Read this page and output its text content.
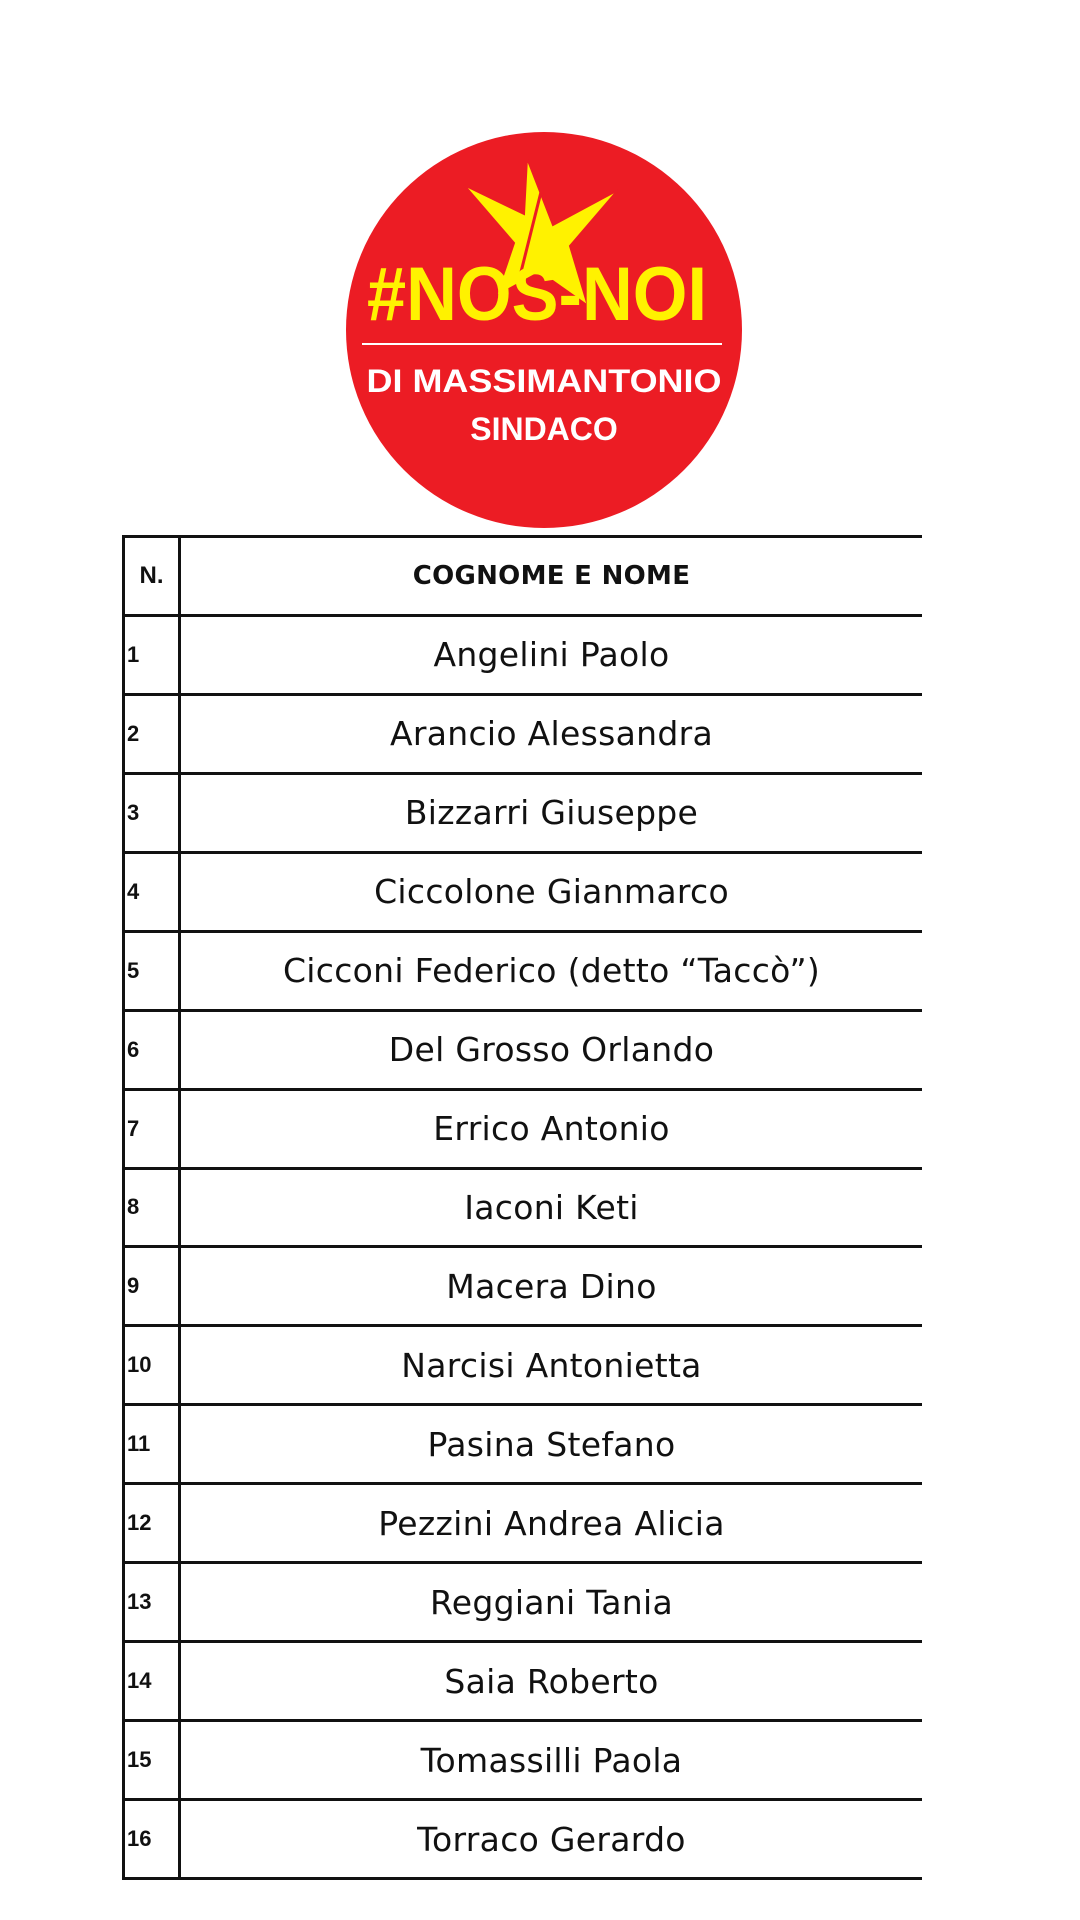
#NOS-NOI
DI MASSIMANTONIO
SINDACO
N.	COGNOME E NOME
1	Angelini Paolo
2	Arancio Alessandra
3	Bizzarri Giuseppe
4	Ciccolone Gianmarco
5	Cicconi Federico (detto “Taccò”)
6	Del Grosso Orlando
7	Errico Antonio
8	Iaconi Keti
9	Macera Dino
10	Narcisi Antonietta
11	Pasina Stefano
12	Pezzini Andrea Alicia
13	Reggiani Tania
14	Saia Roberto
15	Tomassilli Paola
16	Torraco Gerardo
